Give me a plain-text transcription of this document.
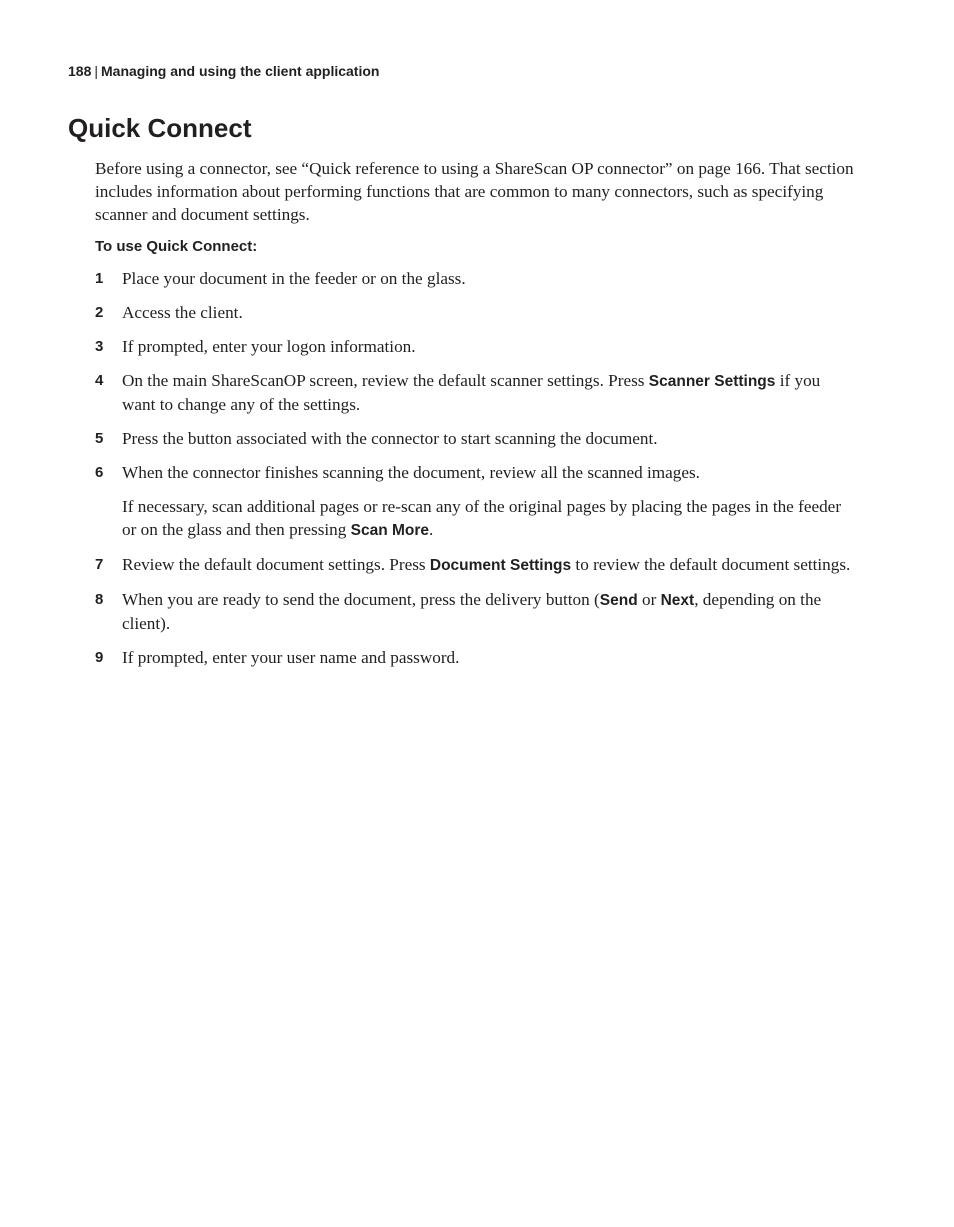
188 | Managing and using the client application
Quick Connect

Before using a connector, see “Quick reference to using a ShareScan OP connector” on page 166. That section includes information about performing functions that are common to many connectors, such as specifying scanner and document settings.

To use Quick Connect:
1 Place your document in the feeder or on the glass.

2 Access the client.

3 If prompted, enter your logon information.

4 On the main ShareScanOP screen, review the default scanner settings. Press Scanner Settings if you want to change any of the settings.

5 Press the button associated with the connector to start scanning the document.

6 When the connector finishes scanning the document, review all the scanned images.

If necessary, scan additional pages or re-scan any of the original pages by placing the pages in the feeder or on the glass and then pressing Scan More.

7 Review the default document settings. Press Document Settings to review the default document settings.

8 When you are ready to send the document, press the delivery button (Send or Next, depending on the client).

9 If prompted, enter your user name and password.
